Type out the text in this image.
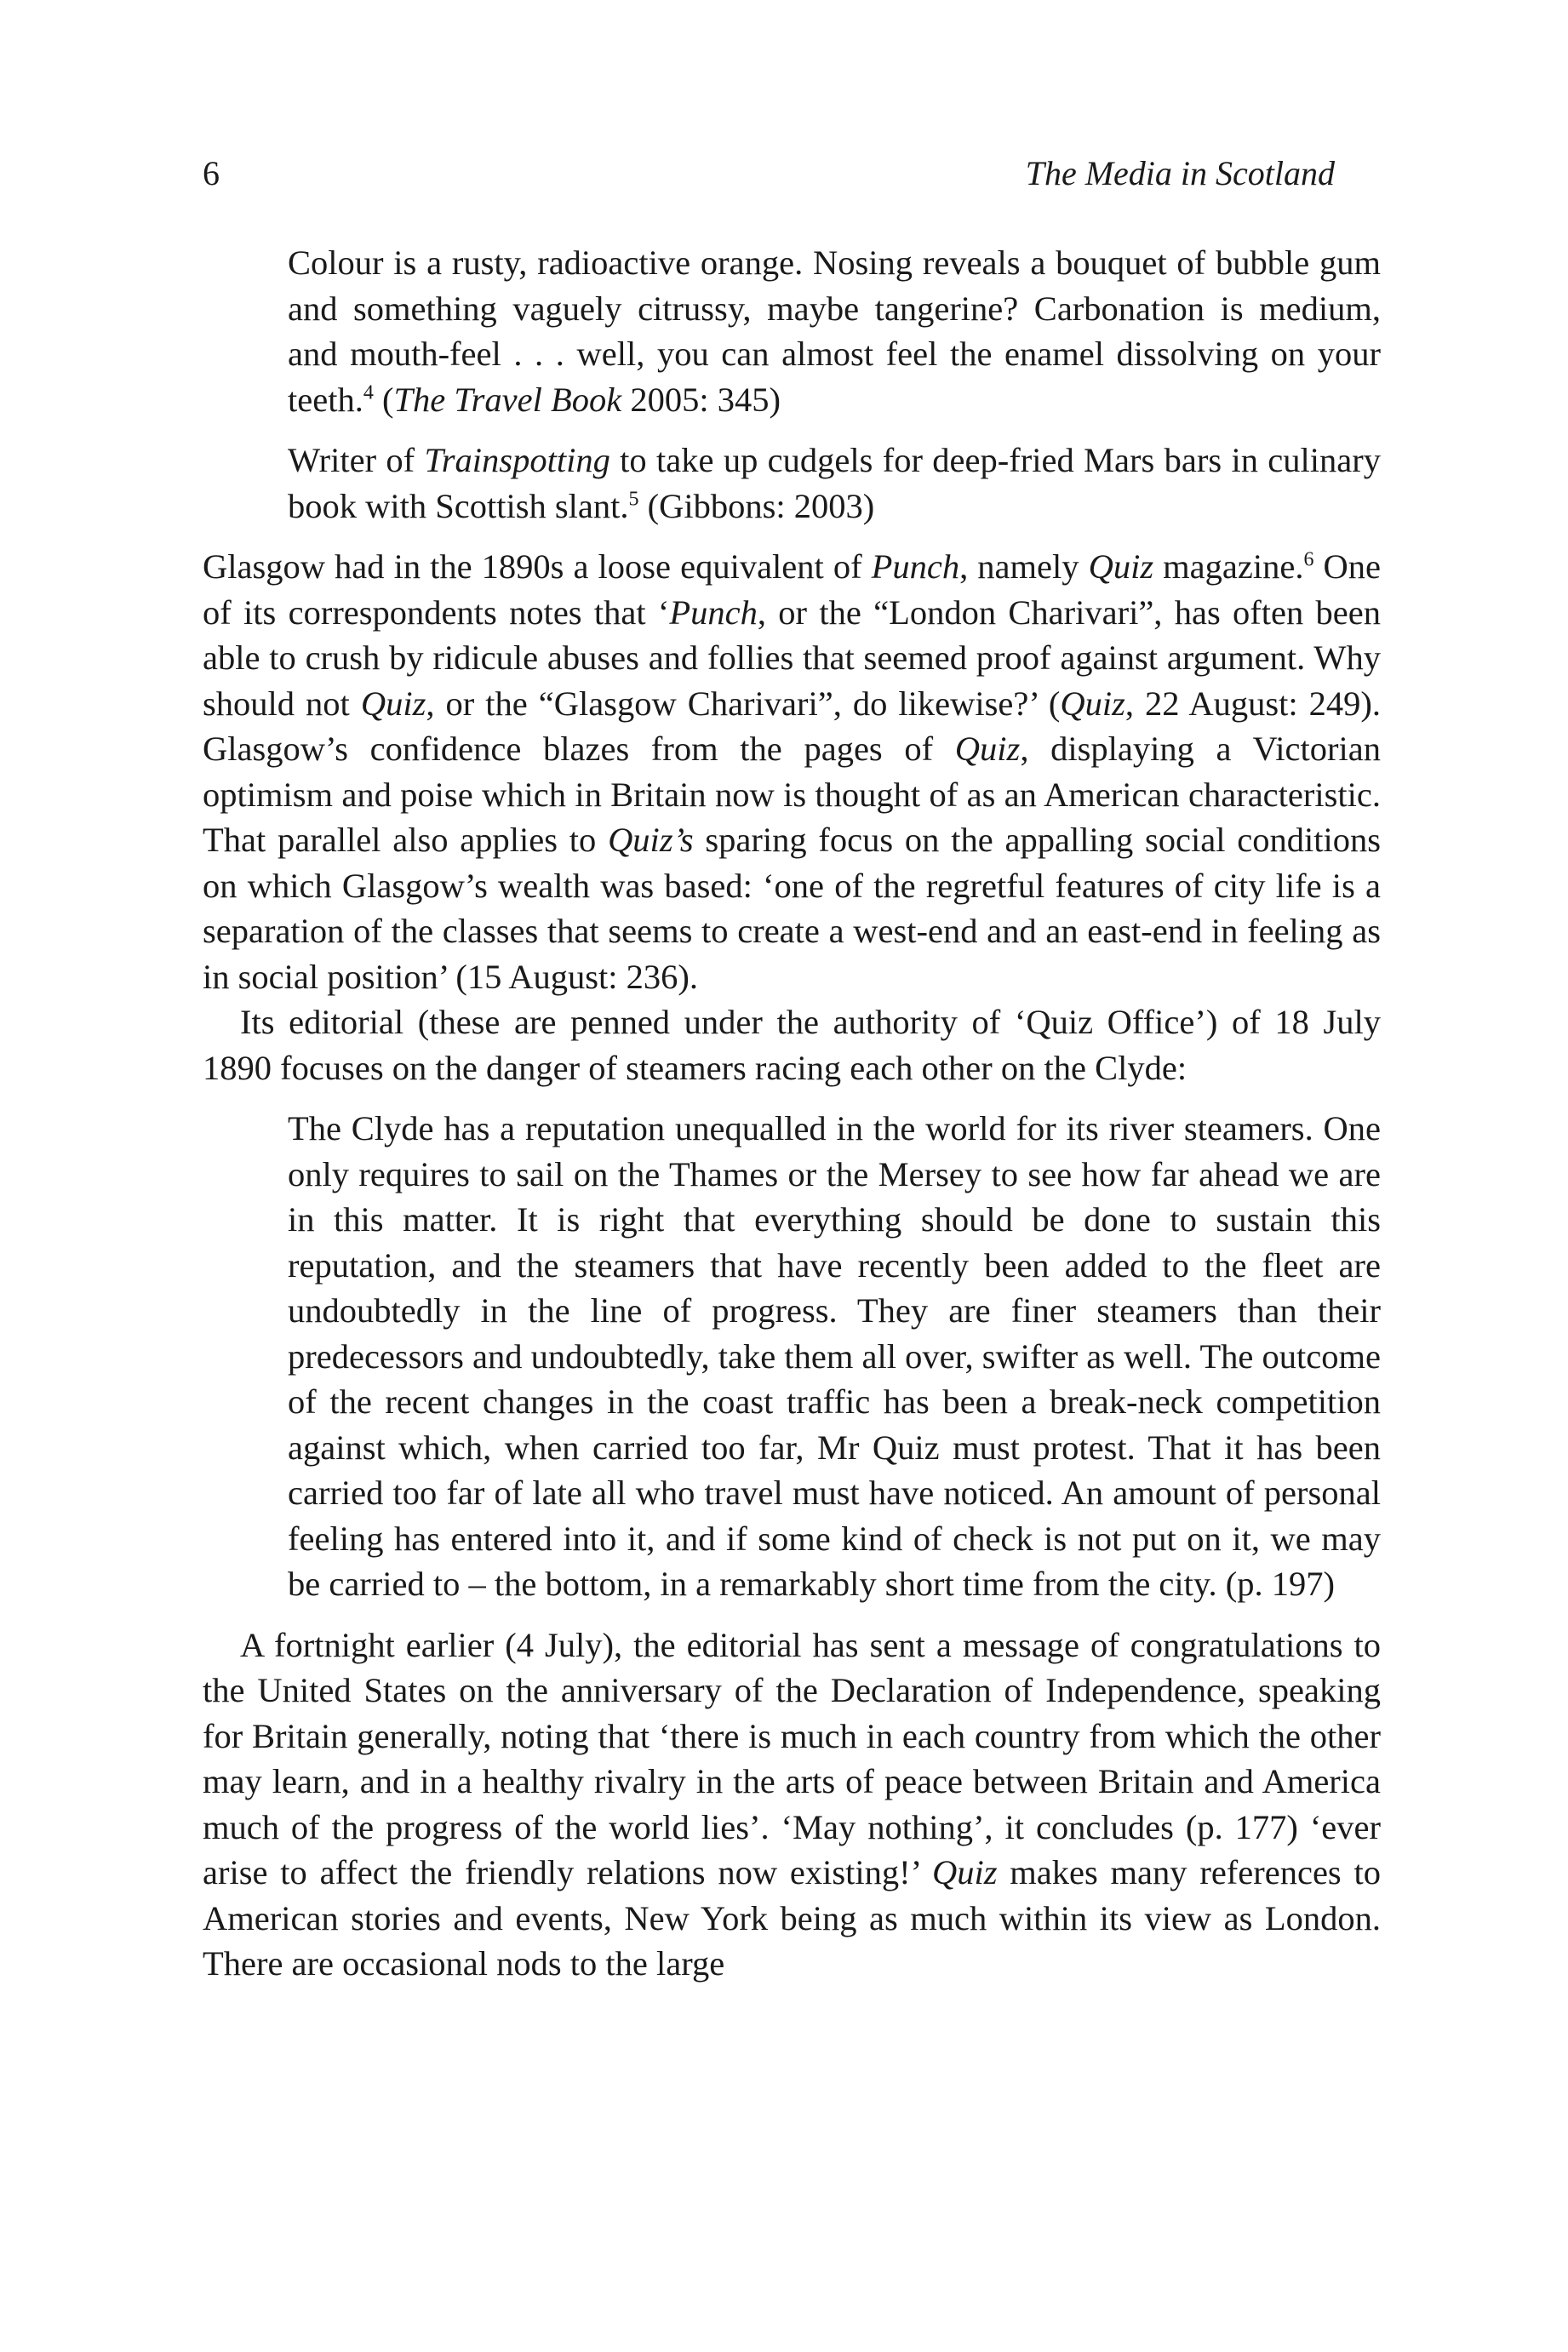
6	The Media in Scotland

Colour is a rusty, radioactive orange. Nosing reveals a bouquet of bubble gum and something vaguely citrussy, maybe tangerine? Carbonation is medium, and mouth-feel . . . well, you can almost feel the enamel dissolving on your teeth.$^4$ (The Travel Book 2005: 345)

Writer of Trainspotting to take up cudgels for deep-fried Mars bars in culinary book with Scottish slant.$^5$ (Gibbons: 2003)

Glasgow had in the 1890s a loose equivalent of Punch, namely Quiz magazine.$^6$ One of its correspondents notes that ‘Punch, or the “London Charivari”, has often been able to crush by ridicule abuses and follies that seemed proof against argument. Why should not Quiz, or the “Glasgow Charivari”, do likewise?’ (Quiz, 22 August: 249). Glasgow’s confidence blazes from the pages of Quiz, displaying a Victorian optimism and poise which in Britain now is thought of as an American characteristic. That parallel also applies to Quiz’s sparing focus on the appalling social conditions on which Glasgow’s wealth was based: ‘one of the regretful features of city life is a separation of the classes that seems to create a west-end and an east-end in feeling as in social position’ (15 August: 236).

Its editorial (these are penned under the authority of ‘Quiz Office’) of 18 July 1890 focuses on the danger of steamers racing each other on the Clyde:

The Clyde has a reputation unequalled in the world for its river steamers. One only requires to sail on the Thames or the Mersey to see how far ahead we are in this matter. It is right that everything should be done to sustain this reputation, and the steamers that have recently been added to the fleet are undoubtedly in the line of progress. They are finer steamers than their predecessors and undoubtedly, take them all over, swifter as well. The outcome of the recent changes in the coast traffic has been a break-neck competition against which, when carried too far, Mr Quiz must protest. That it has been carried too far of late all who travel must have noticed. An amount of personal feeling has entered into it, and if some kind of check is not put on it, we may be carried to – the bottom, in a remarkably short time from the city. (p. 197)

A fortnight earlier (4 July), the editorial has sent a message of congratulations to the United States on the anniversary of the Declaration of Independence, speaking for Britain generally, noting that ‘there is much in each country from which the other may learn, and in a healthy rivalry in the arts of peace between Britain and America much of the progress of the world lies’. ‘May nothing’, it concludes (p. 177) ‘ever arise to affect the friendly relations now existing!’ Quiz makes many references to American stories and events, New York being as much within its view as London. There are occasional nods to the large
